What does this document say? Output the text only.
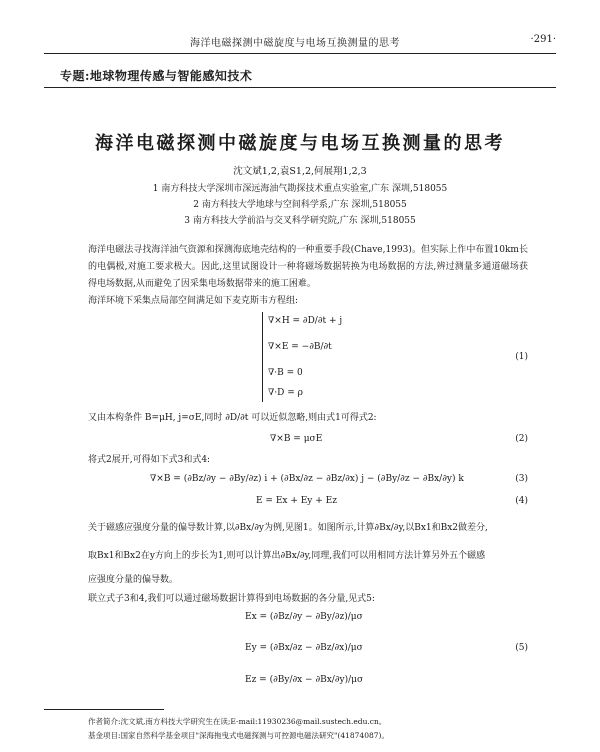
海洋电磁探测中磁旋度与电场互换测量的思考	·291·
专题:地球物理传感与智能感知技术
海洋电磁探测中磁旋度与电场互换测量的思考
沈文斌1,2,袁S1,2,何展翔1,2,3
1 南方科技大学深圳市深远海油气勘探技术重点实验室,广东 深圳,518055
2 南方科技大学地球与空间科学系,广东 深圳,518055
3 南方科技大学前沿与交叉科学研究院,广东 深圳,518055
海洋电磁法寻找海洋油气资源和探测海底地壳结构的一种重要手段(Chave,1993)。但实际上作中布置10km长的电偶极,对施工要求极大。因此,这里试图设计一种将磁场数据转换为电场数据的方法,辨过测量多通道磁场获得电场数据,从而避免了因采集电场数据带来的施工困难。
海洋环境下采集点局部空间满足如下麦克斯韦方程组:
∇×H = ∂D/∂t + j
∇×E = −∂B/∂t
∇·B = 0
∇·D = ρ
(1)
又由本构条件 B=μH, j=σE,同时 ∂D/∂t 可以近似忽略,则由式1可得式2:
∇×B = μσE	(2)
将式2展开,可得如下式3和式4:
∇×B = (∂Bz/∂y − ∂By/∂z) i + (∂Bx/∂z − ∂Bz/∂x) j − (∂By/∂z − ∂Bx/∂y) k	(3)
E = Ex + Ey + Ez	(4)
关于磁感应强度分量的偏导数计算,以∂Bx/∂y为例,见图1。如图所示,计算∂Bx/∂y,以Bx1和Bx2做差分,
取Bx1和Bx2在y方向上的步长为1,则可以计算出∂Bx/∂y,同理,我们可以用相同方法计算另外五个磁感
应强度分量的偏导数。
联立式子3和4,我们可以通过磁场数据计算得到电场数据的各分量,见式5:
Ex = (∂Bz/∂y − ∂By/∂z)/μσ
Ey = (∂Bx/∂z − ∂Bz/∂x)/μσ
Ez = (∂By/∂x − ∂Bx/∂y)/μσ
(5)
作者简介:沈文斌,南方科技大学研究生在读;E-mail:11930236@mail.sustech.edu.cn。
基金项目:国家自然科学基金项目"深海拖曳式电磁探测与可控源电磁法研究"(41874087)。
